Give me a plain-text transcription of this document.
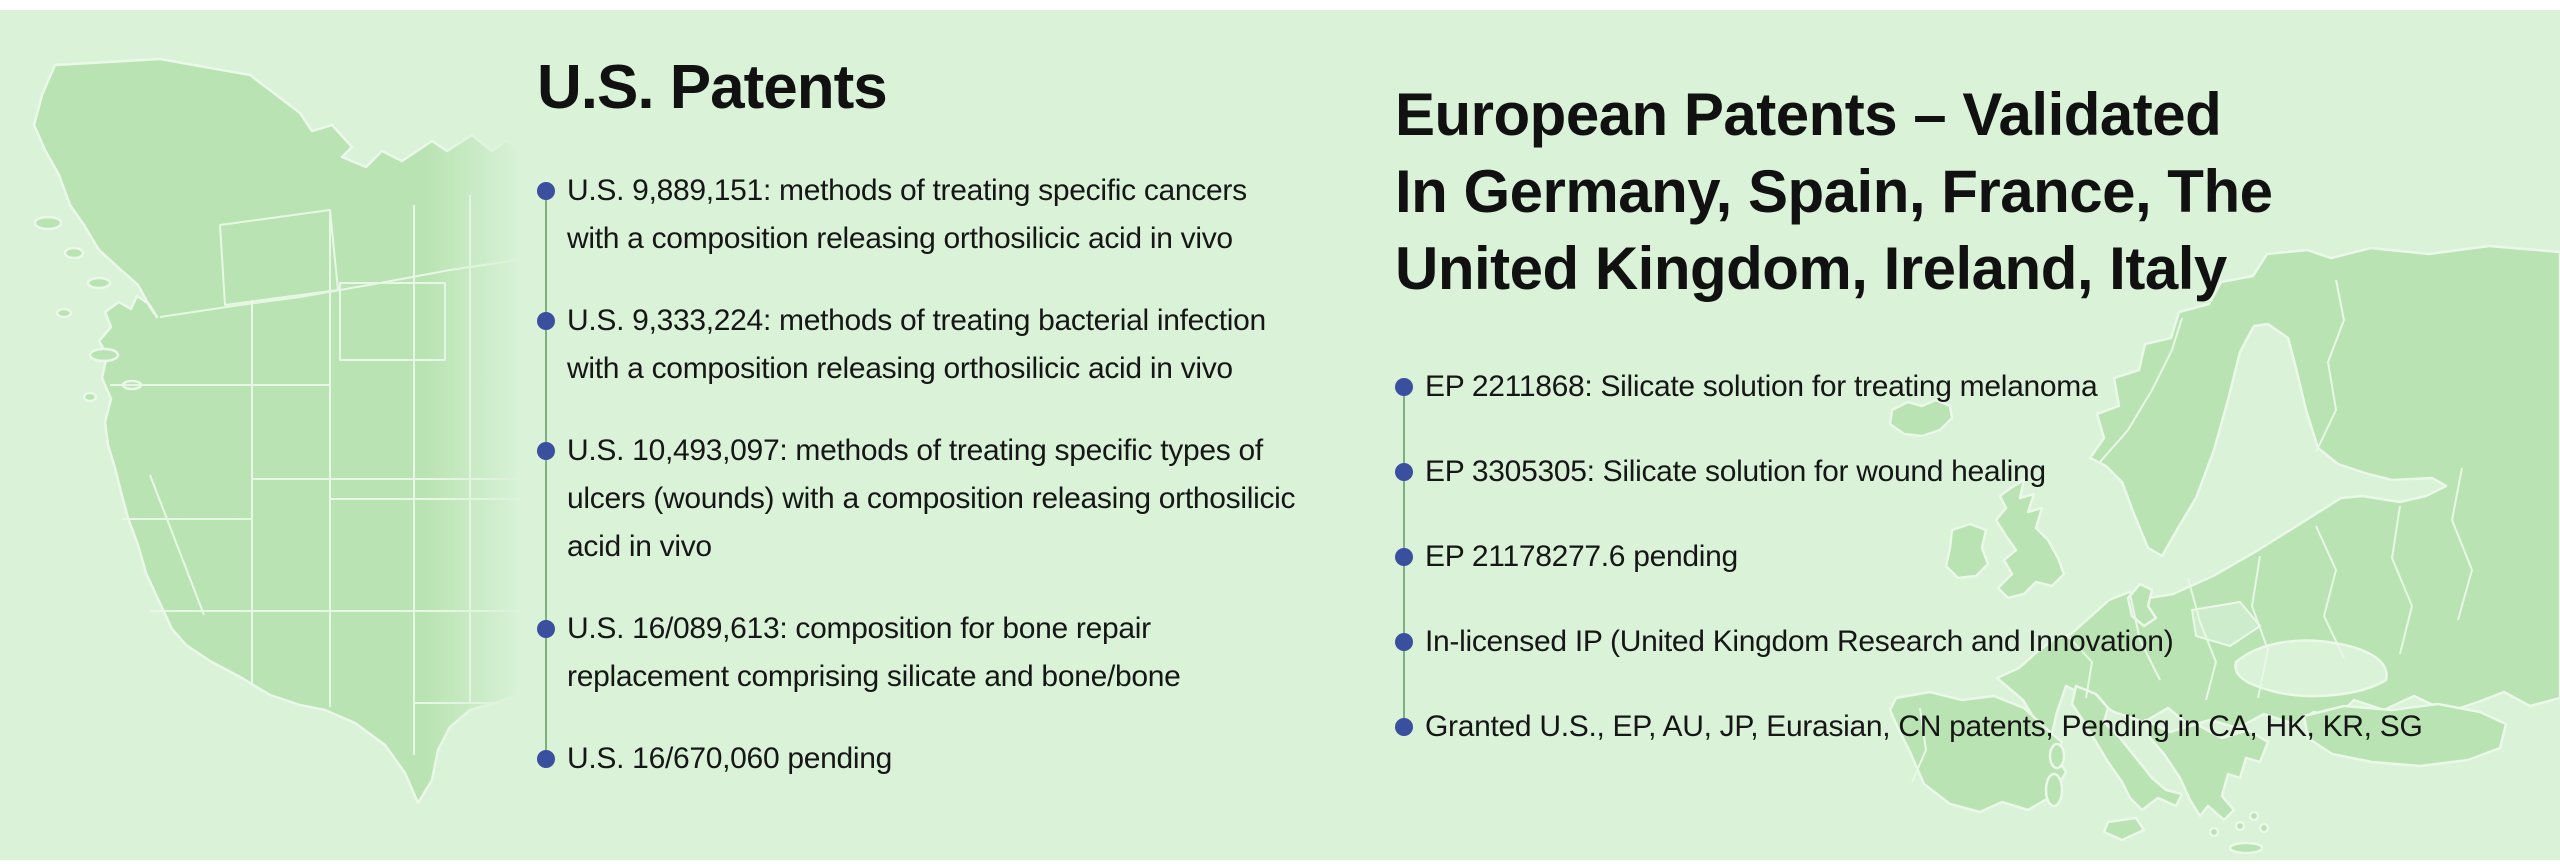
U.S. Patents
U.S. 9,889,151: methods of treating specific cancers
with a composition releasing orthosilicic acid in vivo
U.S. 9,333,224: methods of treating bacterial infection
with a composition releasing orthosilicic acid in vivo
U.S. 10,493,097: methods of treating specific types of
ulcers (wounds) with a composition releasing orthosilicic
acid in vivo
U.S. 16/089,613: composition for bone repair
replacement comprising silicate and bone/bone
U.S. 16/670,060 pending
European Patents – Validated
In Germany, Spain, France, The
United Kingdom, Ireland, Italy
EP 2211868: Silicate solution for treating melanoma
EP 3305305: Silicate solution for wound healing
EP 21178277.6 pending
In-licensed IP (United Kingdom Research and Innovation)
Granted U.S., EP, AU, JP, Eurasian, CN patents, Pending in CA, HK, KR, SG
